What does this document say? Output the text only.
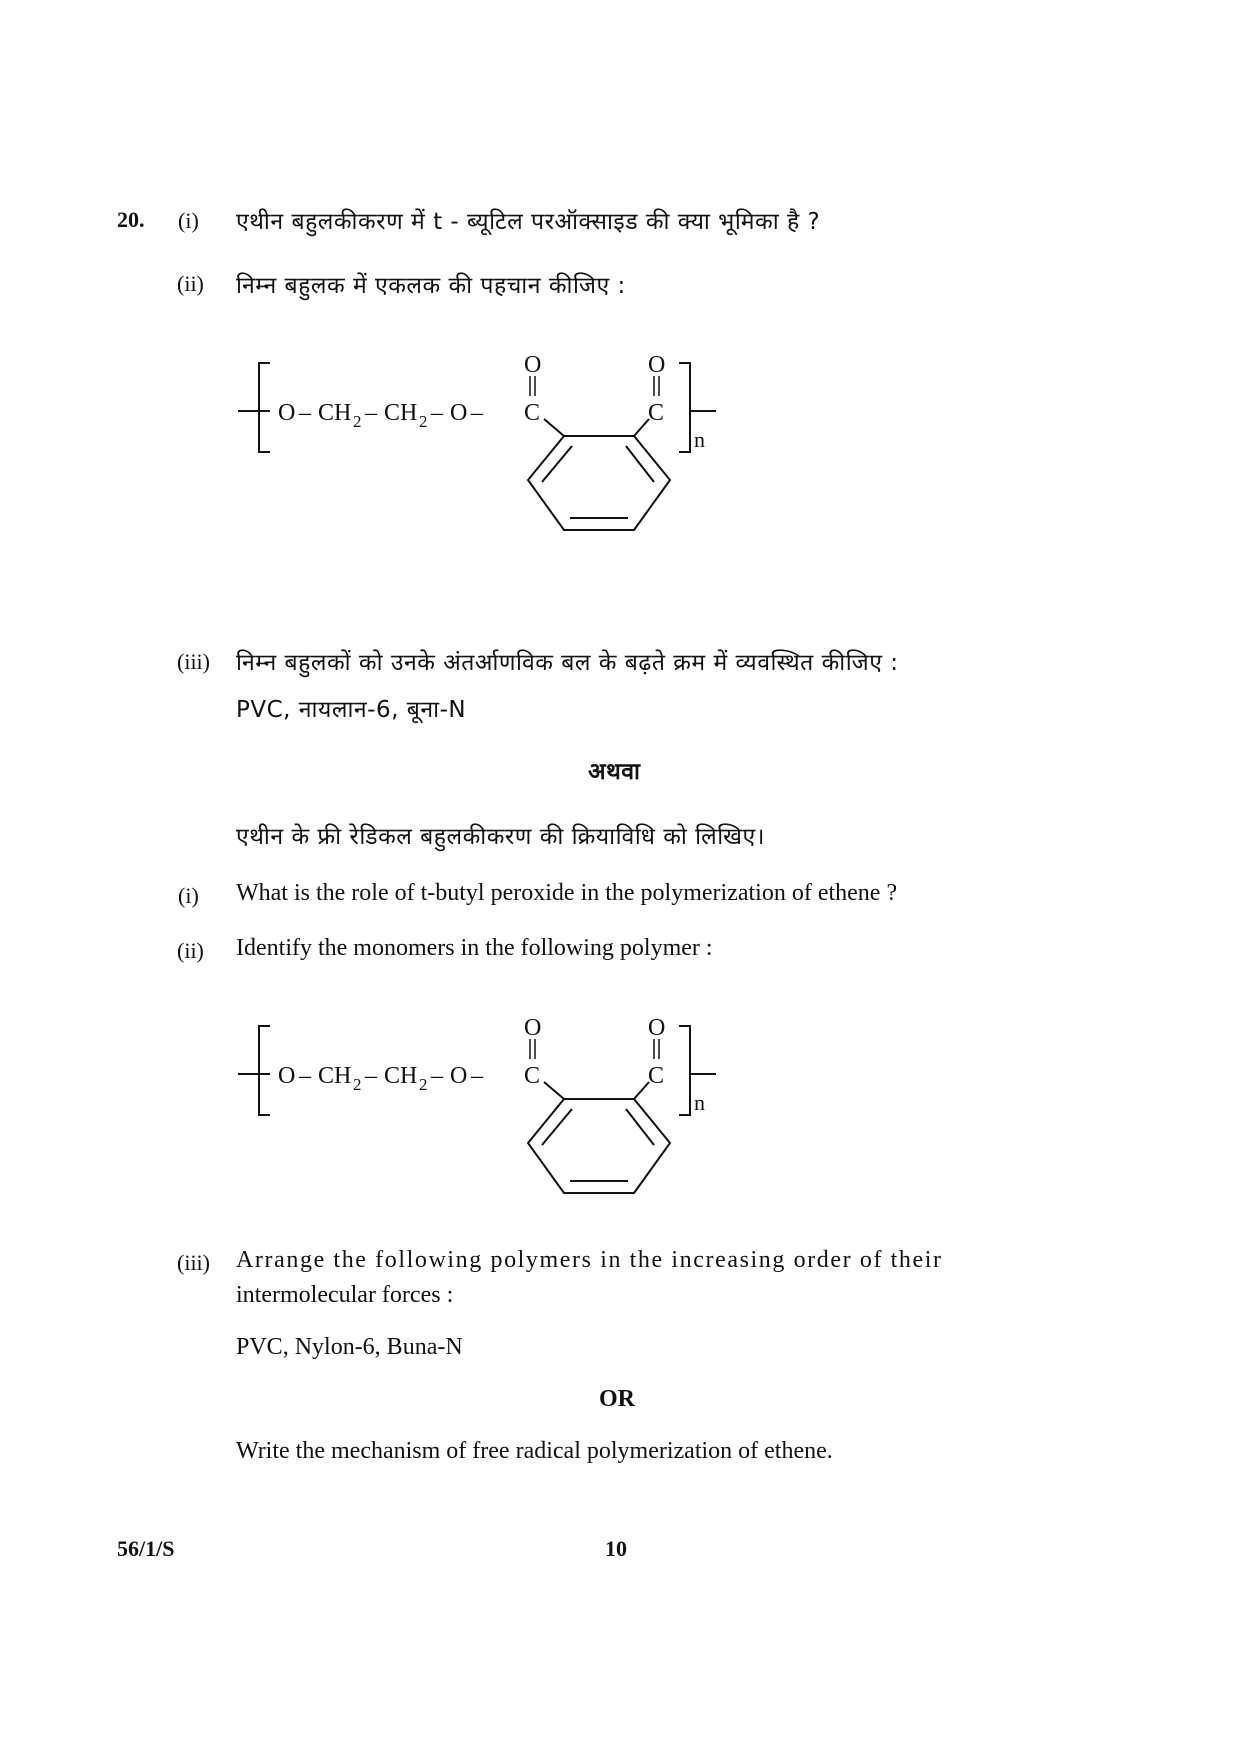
20. (i) एथीन बहुलकीकरण में t - ब्यूटिल परऑक्साइड की क्या भूमिका है ?
(ii) निम्न बहुलक में एकलक की पहचान कीजिए :
O – CH 2 – CH 2 – O – C
O
C
O
n
(iii) निम्न बहुलकों को उनके अंतर्आणविक बल के बढ़ते क्रम में व्यवस्थित कीजिए :
PVC, नायलान-6, बूना-N
अथवा
एथीन के फ्री रेडिकल बहुलकीकरण की क्रियाविधि को लिखिए।
(i) What is the role of t-butyl peroxide in the polymerization of ethene ?
(ii) Identify the monomers in the following polymer :
O – CH 2 – CH 2 – O – C
O
C
O
n
(iii) Arrange the following polymers in the increasing order of their
intermolecular forces :
PVC, Nylon-6, Buna-N
OR
Write the mechanism of free radical polymerization of ethene.
56/1/S	10
